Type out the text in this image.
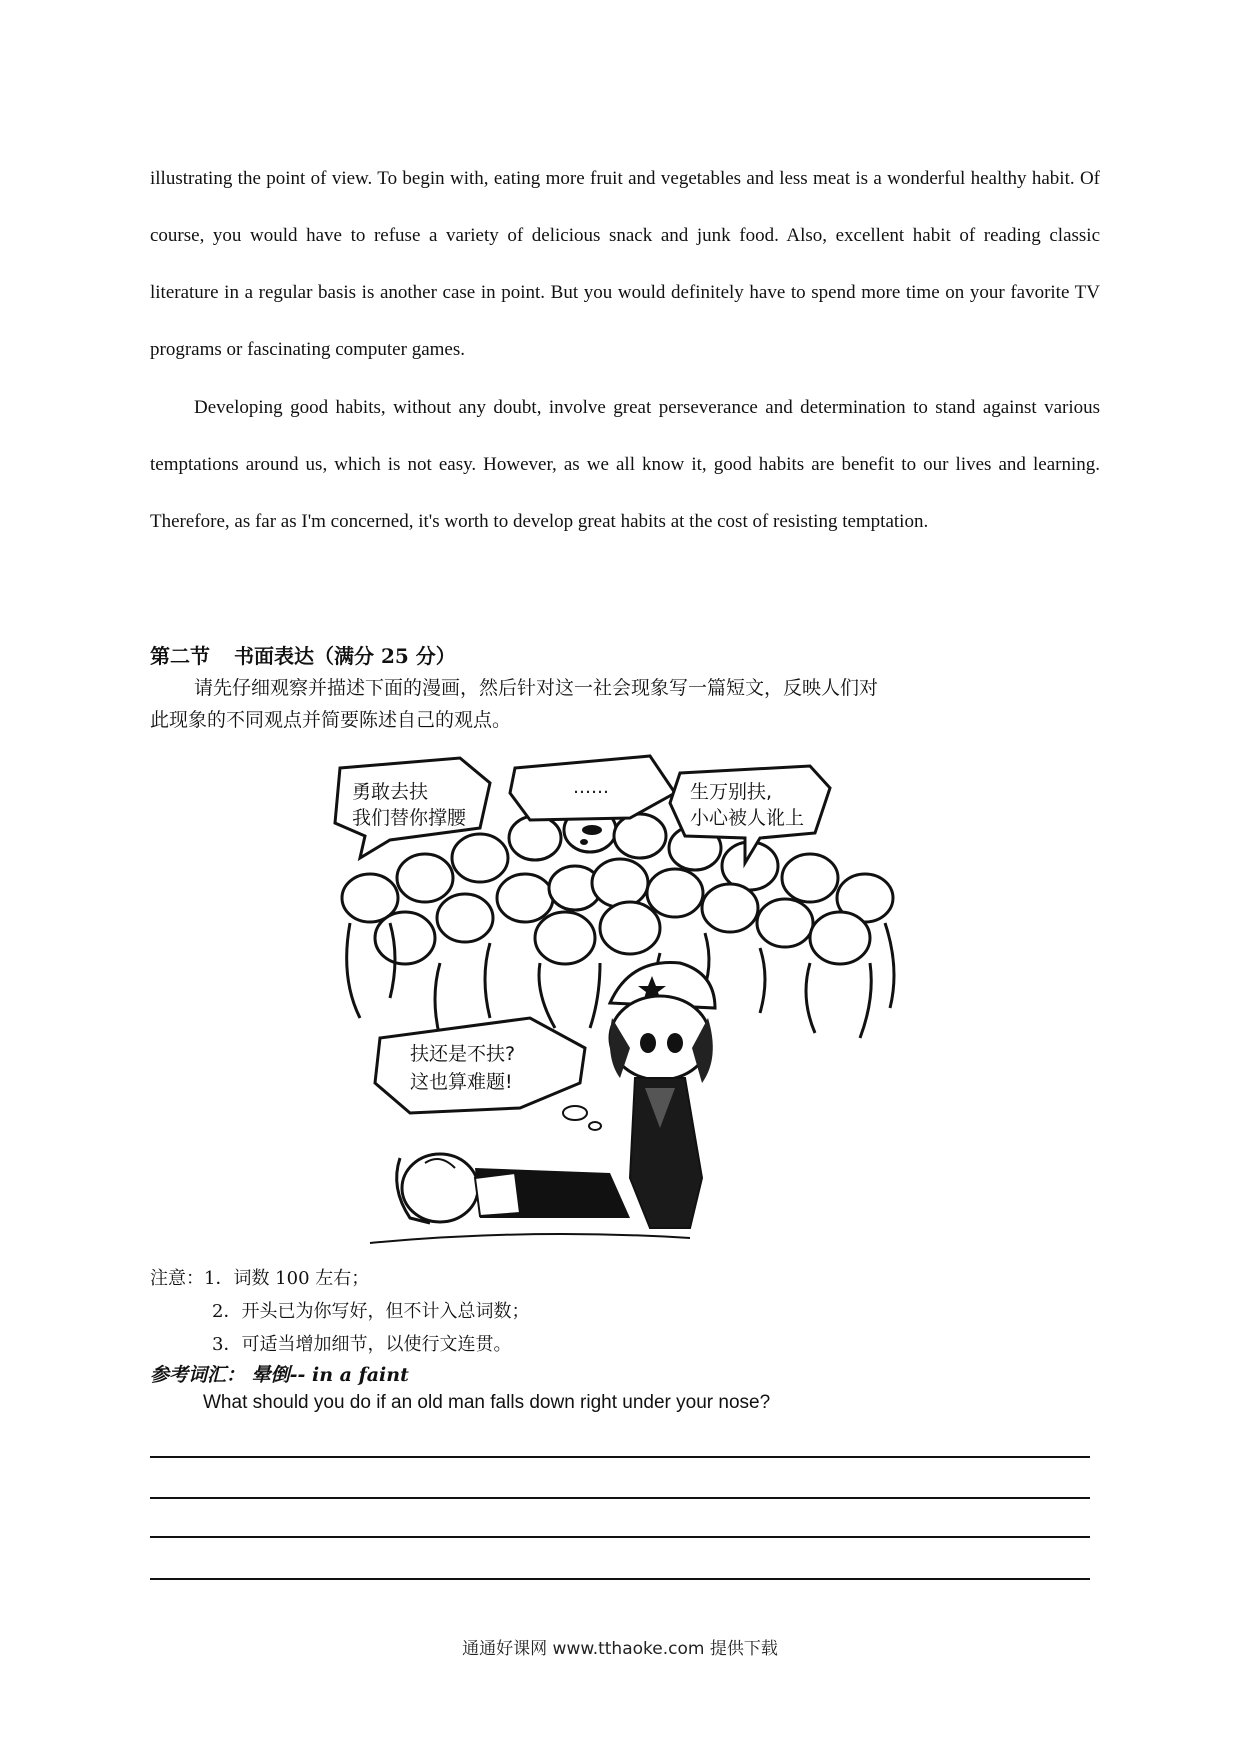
illustrating the point of view. To begin with, eating more fruit and vegetables and less meat is a wonderful healthy habit. Of course, you would have to refuse a variety of delicious snack and junk food. Also, excellent habit of reading classic literature in a regular basis is another case in point. But you would definitely have to spend more time on your favorite TV programs or fascinating computer games.

Developing good habits, without any doubt, involve great perseverance and determination to stand against various temptations around us, which is not easy. However, as we all know it, good habits are benefit to our lives and learning. Therefore, as far as I'm concerned, it's worth to develop great habits at the cost of resisting temptation.

第二节 书面表达（满分 25 分）

请先仔细观察并描述下面的漫画，然后针对这一社会现象写一篇短文，反映人们对

此现象的不同观点并简要陈述自己的观点。

勇敢去扶
我们替你撑腰
……	生万别扶,
小心被人讹上
扶还是不扶?
这也算难题!

注意：1．词数 100 左右；
2．开头已为你写好，但不计入总词数；
3．可适当增加细节，以使行文连贯。

参考词汇： 晕倒-- in a faint

What should you do if an old man falls down right under your nose?

通通好课网 www.tthaoke.com 提供下载
